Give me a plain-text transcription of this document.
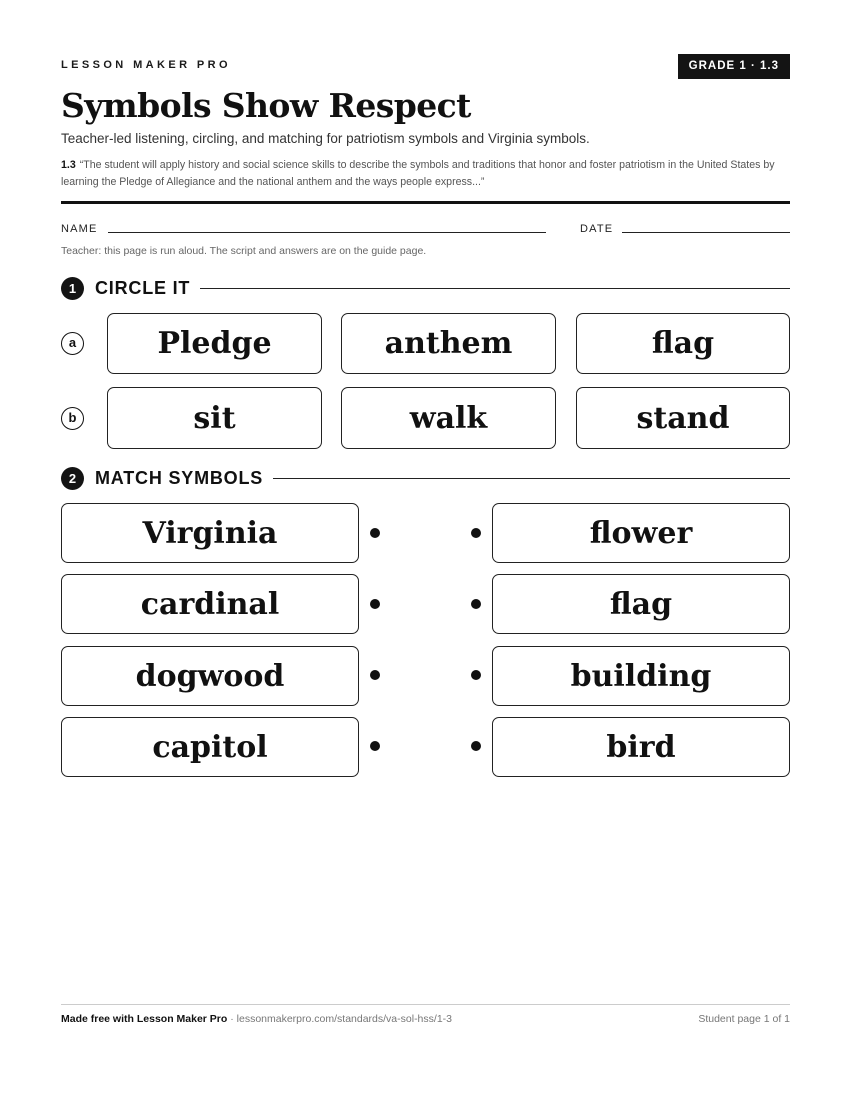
LESSON MAKER PRO	GRADE 1 · 1.3
Symbols Show Respect
Teacher-led listening, circling, and matching for patriotism symbols and Virginia symbols.
1.3 “The student will apply history and social science skills to describe the symbols and traditions that honor and foster patriotism in the United States by learning the Pledge of Allegiance and the national anthem and the ways people express...”
NAME	DATE
Teacher: this page is run aloud. The script and answers are on the guide page.
1	CIRCLE IT
a	Pledge	anthem	flag
b	sit	walk	stand
2	MATCH SYMBOLS
Virginia	flower
cardinal	flag
dogwood	building
capitol	bird
Made free with Lesson Maker Pro · lessonmakerpro.com/standards/va-sol-hss/1-3	Student page 1 of 1
